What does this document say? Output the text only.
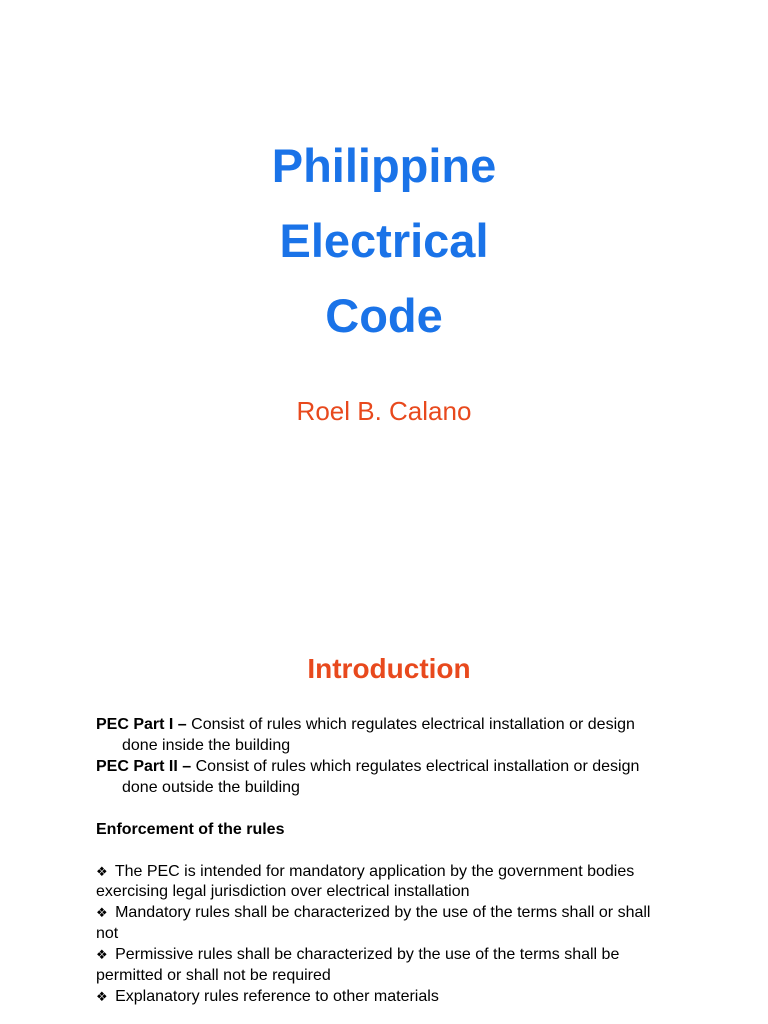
Philippine
Electrical
Code
Roel B. Calano
Introduction

PEC Part I – Consist of rules which regulates electrical installation or design done inside the building

PEC Part II – Consist of rules which regulates electrical installation or design done outside the building

Enforcement of the rules

❖ The PEC is intended for mandatory application by the government bodies exercising legal jurisdiction over electrical installation

❖ Mandatory rules shall be characterized by the use of the terms shall or shall not

❖ Permissive rules shall be characterized by the use of the terms shall be permitted or shall not be required

❖ Explanatory rules reference to other materials
